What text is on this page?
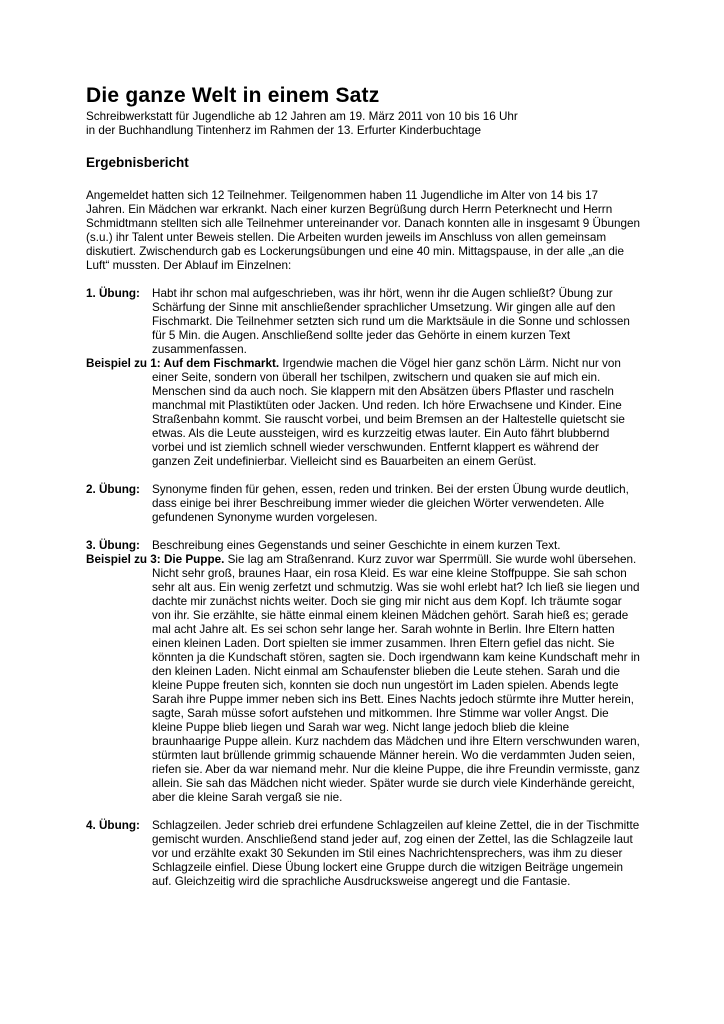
Die ganze Welt in einem Satz
Schreibwerkstatt für Jugendliche ab 12 Jahren am 19. März 2011 von 10 bis 16 Uhr
in der Buchhandlung Tintenherz im Rahmen der 13. Erfurter Kinderbuchtage
Ergebnisbericht

Angemeldet hatten sich 12 Teilnehmer. Teilgenommen haben 11 Jugendliche im Alter von 14 bis 17 Jahren. Ein Mädchen war erkrankt. Nach einer kurzen Begrüßung durch Herrn Peterknecht und Herrn Schmidtmann stellten sich alle Teilnehmer untereinander vor. Danach konnten alle in insgesamt 9 Übungen (s.u.) ihr Talent unter Beweis stellen. Die Arbeiten wurden jeweils im Anschluss von allen gemeinsam diskutiert. Zwischendurch gab es Lockerungsübungen und eine 40 min. Mittagspause, in der alle „an die Luft“ mussten. Der Ablauf im Einzelnen:

1. Übung: Habt ihr schon mal aufgeschrieben, was ihr hört, wenn ihr die Augen schließt? Übung zur Schärfung der Sinne mit anschließender sprachlicher Umsetzung. Wir gingen alle auf den Fischmarkt. Die Teilnehmer setzten sich rund um die Marktsäule in die Sonne und schlossen für 5 Min. die Augen. Anschließend sollte jeder das Gehörte in einem kurzen Text zusammenfassen.
Beispiel zu 1: Auf dem Fischmarkt. Irgendwie machen die Vögel hier ganz schön Lärm. Nicht nur von einer Seite, sondern von überall her tschilpen, zwitschern und quaken sie auf mich ein. Menschen sind da auch noch. Sie klappern mit den Absätzen übers Pflaster und rascheln manchmal mit Plastiktüten oder Jacken. Und reden. Ich höre Erwachsene und Kinder. Eine Straßenbahn kommt. Sie rauscht vorbei, und beim Bremsen an der Haltestelle quietscht sie etwas. Als die Leute aussteigen, wird es kurzzeitig etwas lauter. Ein Auto fährt blubbernd vorbei und ist ziemlich schnell wieder verschwunden. Entfernt klappert es während der ganzen Zeit undefinierbar. Vielleicht sind es Bauarbeiten an einem Gerüst.
2. Übung: Synonyme finden für gehen, essen, reden und trinken. Bei der ersten Übung wurde deutlich, dass einige bei ihrer Beschreibung immer wieder die gleichen Wörter verwendeten. Alle gefundenen Synonyme wurden vorgelesen.
3. Übung: Beschreibung eines Gegenstands und seiner Geschichte in einem kurzen Text.
Beispiel zu 3: Die Puppe. Sie lag am Straßenrand. Kurz zuvor war Sperrmüll. Sie wurde wohl übersehen. Nicht sehr groß, braunes Haar, ein rosa Kleid. Es war eine kleine Stoffpuppe. Sie sah schon sehr alt aus. Ein wenig zerfetzt und schmutzig. Was sie wohl erlebt hat? Ich ließ sie liegen und dachte mir zunächst nichts weiter. Doch sie ging mir nicht aus dem Kopf. Ich träumte sogar von ihr. Sie erzählte, sie hätte einmal einem kleinen Mädchen gehört. Sarah hieß es; gerade mal acht Jahre alt. Es sei schon sehr lange her. Sarah wohnte in Berlin. Ihre Eltern hatten einen kleinen Laden. Dort spielten sie immer zusammen. Ihren Eltern gefiel das nicht. Sie könnten ja die Kundschaft stören, sagten sie. Doch irgendwann kam keine Kundschaft mehr in den kleinen Laden. Nicht einmal am Schaufenster blieben die Leute stehen. Sarah und die kleine Puppe freuten sich, konnten sie doch nun ungestört im Laden spielen. Abends legte Sarah ihre Puppe immer neben sich ins Bett. Eines Nachts jedoch stürmte ihre Mutter herein, sagte, Sarah müsse sofort aufstehen und mitkommen. Ihre Stimme war voller Angst. Die kleine Puppe blieb liegen und Sarah war weg. Nicht lange jedoch blieb die kleine braunhaarige Puppe allein. Kurz nachdem das Mädchen und ihre Eltern verschwunden waren, stürmten laut brüllende grimmig schauende Männer herein. Wo die verdammten Juden seien, riefen sie. Aber da war niemand mehr. Nur die kleine Puppe, die ihre Freundin vermisste, ganz allein. Sie sah das Mädchen nicht wieder. Später wurde sie durch viele Kinderhände gereicht, aber die kleine Sarah vergaß sie nie.
4. Übung: Schlagzeilen. Jeder schrieb drei erfundene Schlagzeilen auf kleine Zettel, die in der Tischmitte gemischt wurden. Anschließend stand jeder auf, zog einen der Zettel, las die Schlagzeile laut vor und erzählte exakt 30 Sekunden im Stil eines Nachrichtensprechers, was ihm zu dieser Schlagzeile einfiel. Diese Übung lockert eine Gruppe durch die witzigen Beiträge ungemein auf. Gleichzeitig wird die sprachliche Ausdrucksweise angeregt und die Fantasie.
